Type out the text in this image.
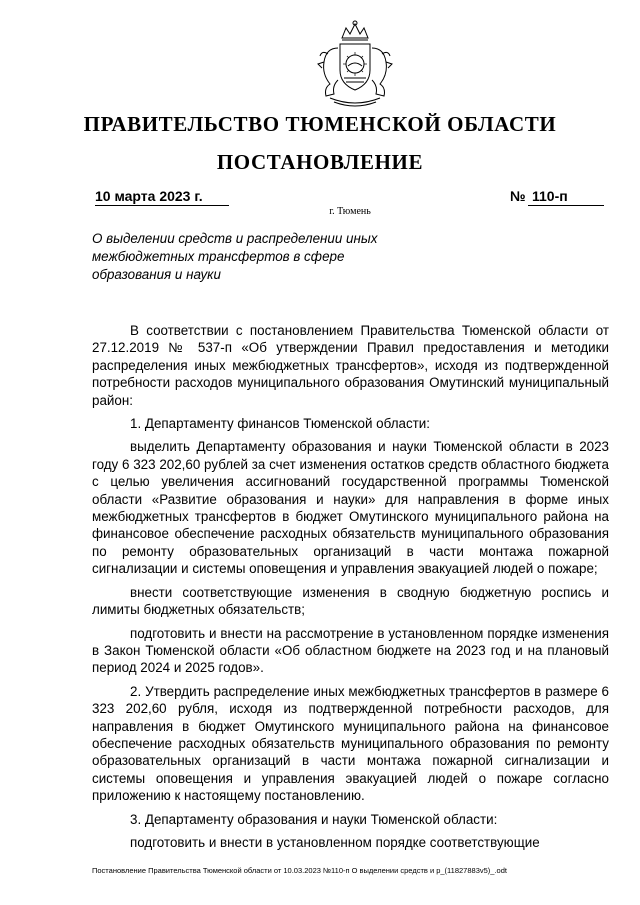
ПРАВИТЕЛЬСТВО ТЮМЕНСКОЙ ОБЛАСТИ
ПОСТАНОВЛЕНИЕ
10 марта 2023 г.	№ 110-п
г. Тюмень

О выделении средств и распределении иных межбюджетных трансфертов в сфере образования и науки

В соответствии с постановлением Правительства Тюменской области от 27.12.2019 № 537-п «Об утверждении Правил предоставления и методики распределения иных межбюджетных трансфертов», исходя из подтвержденной потребности расходов муниципального образования Омутинский муниципальный район:

1. Департаменту финансов Тюменской области:

выделить Департаменту образования и науки Тюменской области в 2023 году 6 323 202,60 рублей за счет изменения остатков средств областного бюджета с целью увеличения ассигнований государственной программы Тюменской области «Развитие образования и науки» для направления в форме иных межбюджетных трансфертов в бюджет Омутинского муниципального района на финансовое обеспечение расходных обязательств муниципального образования по ремонту образовательных организаций в части монтажа пожарной сигнализации и системы оповещения и управления эвакуацией людей о пожаре;

внести соответствующие изменения в сводную бюджетную роспись и лимиты бюджетных обязательств;

подготовить и внести на рассмотрение в установленном порядке изменения в Закон Тюменской области «Об областном бюджете на 2023 год и на плановый период 2024 и 2025 годов».

2. Утвердить распределение иных межбюджетных трансфертов в размере 6 323 202,60 рубля, исходя из подтвержденной потребности расходов, для направления в бюджет Омутинского муниципального района на финансовое обеспечение расходных обязательств муниципального образования по ремонту образовательных организаций в части монтажа пожарной сигнализации и системы оповещения и управления эвакуацией людей о пожаре согласно приложению к настоящему постановлению.

3. Департаменту образования и науки Тюменской области:

подготовить и внести в установленном порядке соответствующие

Постановление Правительства Тюменской области от 10.03.2023 №110-п О выделении средств и р_(11827883v5)_.odt
